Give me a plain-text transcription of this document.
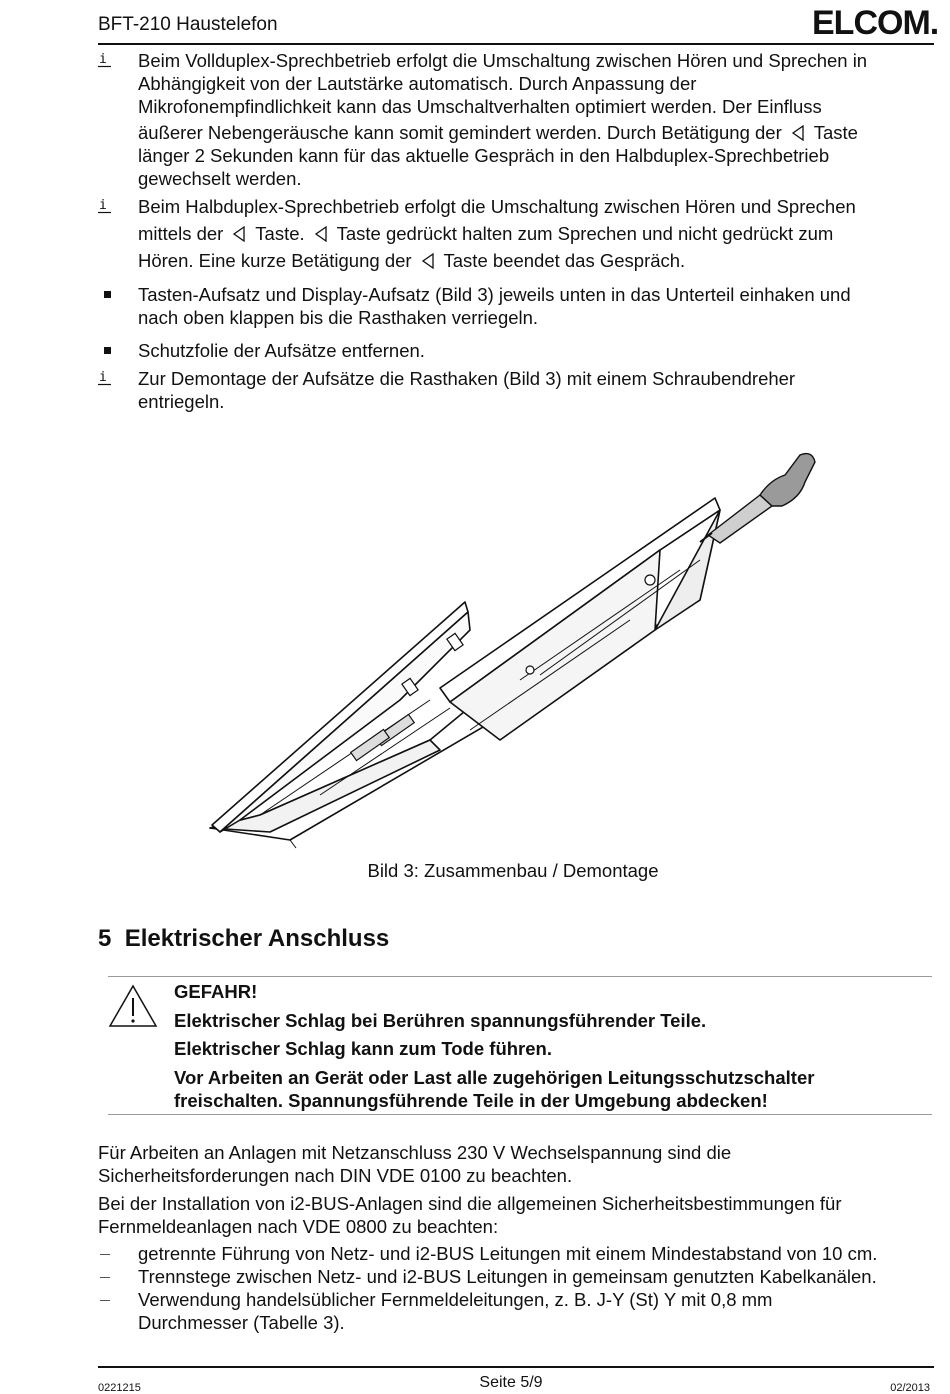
BFT-210 Haustelefon	ELCOM.
i Beim Vollduplex-Sprechbetrieb erfolgt die Umschaltung zwischen Hören und Sprechen in
Abhängigkeit von der Lautstärke automatisch. Durch Anpassung der
Mikrofonempfindlichkeit kann das Umschaltverhalten optimiert werden. Der Einfluss
äußerer Nebengeräusche kann somit gemindert werden. Durch Betätigung der Taste
länger 2 Sekunden kann für das aktuelle Gespräch in den Halbduplex-Sprechbetrieb
gewechselt werden.
i Beim Halbduplex-Sprechbetrieb erfolgt die Umschaltung zwischen Hören und Sprechen
mittels der Taste. Taste gedrückt halten zum Sprechen und nicht gedrückt zum
Hören. Eine kurze Betätigung der Taste beendet das Gespräch.
Tasten-Aufsatz und Display-Aufsatz (Bild 3) jeweils unten in das Unterteil einhaken und
nach oben klappen bis die Rasthaken verriegeln.
Schutzfolie der Aufsätze entfernen.
i Zur Demontage der Aufsätze die Rasthaken (Bild 3) mit einem Schraubendreher
entriegeln.
Bild 3: Zusammenbau / Demontage
5 Elektrischer Anschluss
GEFAHR!
Elektrischer Schlag bei Berühren spannungsführender Teile.
Elektrischer Schlag kann zum Tode führen.
Vor Arbeiten an Gerät oder Last alle zugehörigen Leitungsschutzschalter
freischalten. Spannungsführende Teile in der Umgebung abdecken!
Für Arbeiten an Anlagen mit Netzanschluss 230 V Wechselspannung sind die
Sicherheitsforderungen nach DIN VDE 0100 zu beachten.
Bei der Installation von i2-BUS-Anlagen sind die allgemeinen Sicherheitsbestimmungen für
Fernmeldeanlagen nach VDE 0800 zu beachten:
getrennte Führung von Netz- und i2-BUS Leitungen mit einem Mindestabstand von 10 cm.
Trennstege zwischen Netz- und i2-BUS Leitungen in gemeinsam genutzten Kabelkanälen.
Verwendung handelsüblicher Fernmeldeleitungen, z. B. J-Y (St) Y mit 0,8 mm
Durchmesser (Tabelle 3).
0221215	Seite 5/9	02/2013
